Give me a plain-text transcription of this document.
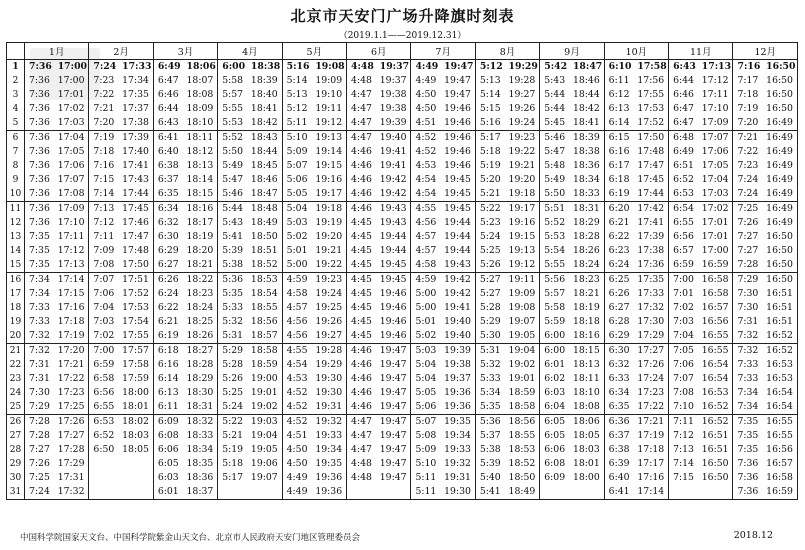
北京市天安门广场升降旗时刻表
（2019.1.1——2019.12.31）
	1月		2月		3月		4月		5月		6月		7月		8月		9月		10月		11月		12月	
1	7:36	17:00	7:24	17:33	6:49	18:06	6:00	18:38	5:16	19:08	4:48	19:37	4:49	19:47	5:12	19:29	5:42	18:47	6:10	17:58	6:43	17:13	7:16	16:50
2	7:36	17:00	7:23	17:34	6:47	18:07	5:58	18:39	5:14	19:09	4:48	19:37	4:49	19:47	5:13	19:28	5:43	18:46	6:11	17:56	6:44	17:12	7:17	16:50
3	7:36	17:01	7:22	17:35	6:46	18:08	5:57	18:40	5:13	19:10	4:47	19:38	4:50	19:47	5:14	19:27	5:44	18:44	6:12	17:55	6:46	17:11	7:18	16:50
4	7:36	17:02	7:21	17:37	6:44	18:09	5:55	18:41	5:12	19:11	4:47	19:38	4:50	19:46	5:15	19:26	5:44	18:42	6:13	17:53	6:47	17:10	7:19	16:50
5	7:36	17:03	7:20	17:38	6:43	18:10	5:53	18:42	5:11	19:12	4:47	19:39	4:51	19:46	5:16	19:24	5:45	18:41	6:14	17:52	6:47	17:09	7:20	16:49
6	7:36	17:04	7:19	17:39	6:41	18:11	5:52	18:43	5:10	19:13	4:47	19:40	4:52	19:46	5:17	19:23	5:46	18:39	6:15	17:50	6:48	17:07	7:21	16:49
7	7:36	17:05	7:18	17:40	6:40	18:12	5:50	18:44	5:09	19:14	4:46	19:41	4:52	19:46	5:18	19:22	5:47	18:38	6:16	17:48	6:49	17:06	7:22	16:49
8	7:36	17:06	7:16	17:41	6:38	18:13	5:49	18:45	5:07	19:15	4:46	19:41	4:53	19:46	5:19	19:21	5:48	18:36	6:17	17:47	6:51	17:05	7:23	16:49
9	7:36	17:07	7:15	17:43	6:37	18:14	5:47	18:46	5:06	19:16	4:46	19:42	4:54	19:45	5:20	19:20	5:49	18:34	6:18	17:45	6:52	17:04	7:24	16:49
10	7:36	17:08	7:14	17:44	6:35	18:15	5:46	18:47	5:05	19:17	4:46	19:42	4:54	19:45	5:21	19:18	5:50	18:33	6:19	17:44	6:53	17:03	7:24	16:49
11	7:36	17:09	7:13	17:45	6:34	18:16	5:44	18:48	5:04	19:18	4:46	19:43	4:55	19:45	5:22	19:17	5:51	18:31	6:20	17:42	6:54	17:02	7:25	16:49
12	7:36	17:10	7:12	17:46	6:32	18:17	5:43	18:49	5:03	19:19	4:45	19:43	4:56	19:44	5:23	19:16	5:52	18:29	6:21	17:41	6:55	17:01	7:26	16:49
13	7:35	17:11	7:11	17:47	6:30	18:19	5:41	18:50	5:02	19:20	4:45	19:44	4:57	19:44	5:24	19:15	5:53	18:28	6:22	17:39	6:56	17:01	7:27	16:50
14	7:35	17:12	7:09	17:48	6:29	18:20	5:39	18:51	5:01	19:21	4:45	19:44	4:57	19:44	5:25	19:13	5:54	18:26	6:23	17:38	6:57	17:00	7:27	16:50
15	7:35	17:13	7:08	17:50	6:27	18:21	5:38	18:52	5:00	19:22	4:45	19:45	4:58	19:43	5:26	19:12	5:55	18:24	6:24	17:36	6:59	16:59	7:28	16:50
16	7:34	17:14	7:07	17:51	6:26	18:22	5:36	18:53	4:59	19:23	4:45	19:45	4:59	19:42	5:27	19:11	5:56	18:23	6:25	17:35	7:00	16:58	7:29	16:50
17	7:34	17:15	7:06	17:52	6:24	18:23	5:35	18:54	4:58	19:24	4:45	19:46	5:00	19:42	5:27	19:09	5:57	18:21	6:26	17:33	7:01	16:58	7:30	16:51
18	7:33	17:16	7:04	17:53	6:22	18:24	5:33	18:55	4:57	19:25	4:45	19:46	5:00	19:41	5:28	19:08	5:58	18:19	6:27	17:32	7:02	16:57	7:30	16:51
19	7:33	17:18	7:03	17:54	6:21	18:25	5:32	18:56	4:56	19:26	4:45	19:46	5:01	19:40	5:29	19:07	5:59	18:18	6:28	17:30	7:03	16:56	7:31	16:51
20	7:32	17:19	7:02	17:55	6:19	18:26	5:31	18:57	4:56	19:27	4:45	19:46	5:02	19:40	5:30	19:05	6:00	18:16	6:29	17:29	7:04	16:55	7:32	16:52
21	7:32	17:20	7:00	17:57	6:18	18:27	5:29	18:58	4:55	19:28	4:46	19:47	5:03	19:39	5:31	19:04	6:00	18:15	6:30	17:27	7:05	16:55	7:32	16:52
22	7:31	17:21	6:59	17:58	6:16	18:28	5:28	18:59	4:54	19:29	4:46	19:47	5:04	19:38	5:32	19:02	6:01	18:13	6:32	17:26	7:06	16:54	7:33	16:53
23	7:31	17:22	6:58	17:59	6:14	18:29	5:26	19:00	4:53	19:30	4:46	19:47	5:04	19:37	5:33	19:01	6:02	18:11	6:33	17:24	7:07	16:54	7:33	16:53
24	7:30	17:23	6:56	18:00	6:13	18:30	5:25	19:01	4:52	19:30	4:46	19:47	5:05	19:36	5:34	18:59	6:03	18:10	6:34	17:23	7:08	16:53	7:34	16:54
25	7:29	17:25	6:55	18:01	6:11	18:31	5:24	19:02	4:52	19:31	4:46	19:47	5:06	19:36	5:35	18:58	6:04	18:08	6:35	17:22	7:10	16:52	7:34	16:54
26	7:28	17:26	6:53	18:02	6:09	18:32	5:22	19:03	4:52	19:32	4:47	19:47	5:07	19:35	5:36	18:56	6:05	18:06	6:36	17:21	7:11	16:52	7:35	16:55
27	7:28	17:27	6:52	18:03	6:08	18:33	5:21	19:04	4:51	19:33	4:47	19:47	5:08	19:34	5:37	18:55	6:05	18:05	6:37	17:19	7:12	16:51	7:35	16:55
28	7:27	17:28	6:50	18:05	6:06	18:34	5:19	19:05	4:50	19:34	4:47	19:47	5:09	19:33	5:38	18:53	6:06	18:03	6:38	17:18	7:13	16:51	7:35	16:56
29	7:26	17:29			6:05	18:35	5:18	19:06	4:50	19:35	4:48	19:47	5:10	19:32	5:39	18:52	6:08	18:01	6:39	17:17	7:14	16:50	7:36	16:57
30	7:25	17:31			6:03	18:36	5:17	19:07	4:49	19:36	4:48	19:47	5:11	19:31	5:40	18:50	6:09	18:00	6:40	17:16	7:15	16:50	7:36	16:58
31	7:24	17:32			6:01	18:37			4:49	19:36			5:11	19:30	5:41	18:49			6:41	17:14			7:36	16:59
中国科学院国家天文台、中国科学院紫金山天文台、北京市人民政府天安门地区管理委员会	2018.12
